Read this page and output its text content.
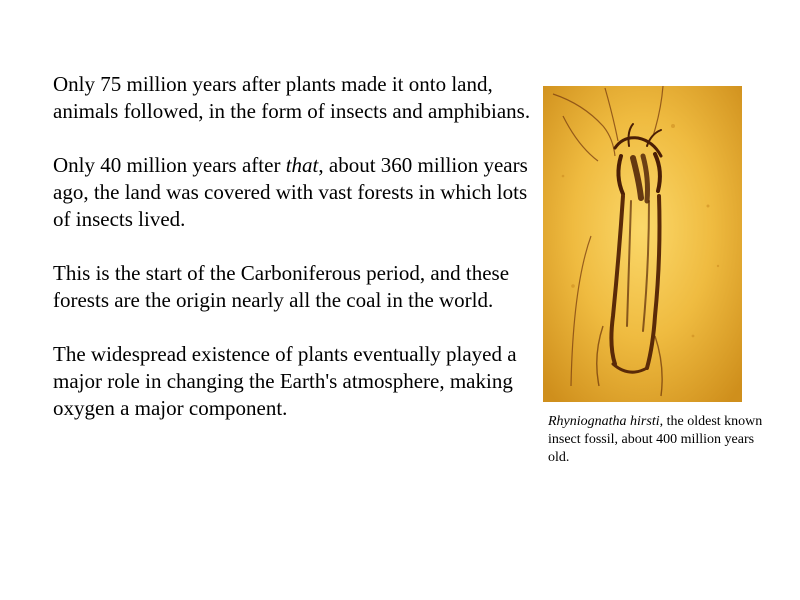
Only 75 million years after plants made it onto land, animals followed, in the form of insects and amphibians.

Only 40 million years after that, about 360 million years ago, the land was covered with vast forests in which lots of insects lived.

This is the start of the Carboniferous period, and these forests are the origin nearly all the coal in the world.

The widespread existence of plants eventually played a major role in changing the Earth's atmosphere, making oxygen a major component.

Rhyniognatha hirsti, the oldest known insect fossil, about 400 million years old.
